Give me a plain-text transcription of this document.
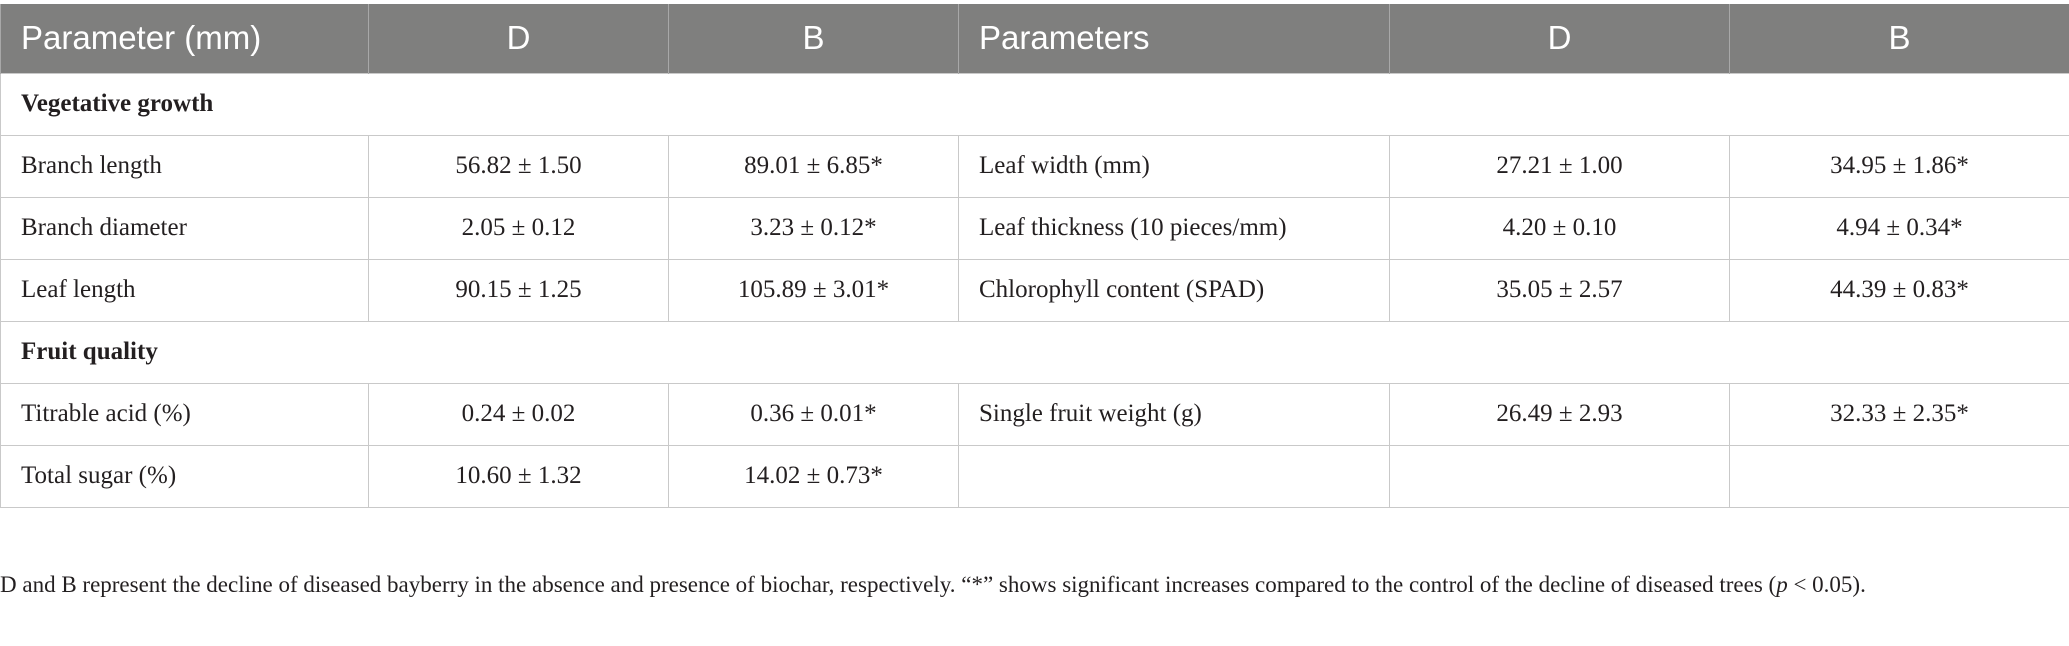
Parameter (mm)	D	B	Parameters	D	B
Vegetative growth					
Branch length	56.82 ± 1.50	89.01 ± 6.85*	Leaf width (mm)	27.21 ± 1.00	34.95 ± 1.86*
Branch diameter	2.05 ± 0.12	3.23 ± 0.12*	Leaf thickness (10 pieces/mm)	4.20 ± 0.10	4.94 ± 0.34*
Leaf length	90.15 ± 1.25	105.89 ± 3.01*	Chlorophyll content (SPAD)	35.05 ± 2.57	44.39 ± 0.83*
Fruit quality					
Titrable acid (%)	0.24 ± 0.02	0.36 ± 0.01*	Single fruit weight (g)	26.49 ± 2.93	32.33 ± 2.35*
Total sugar (%)	10.60 ± 1.32	14.02 ± 0.73*			
D and B represent the decline of diseased bayberry in the absence and presence of biochar, respectively. “*” shows significant increases compared to the control of the decline of diseased trees (p < 0.05).
